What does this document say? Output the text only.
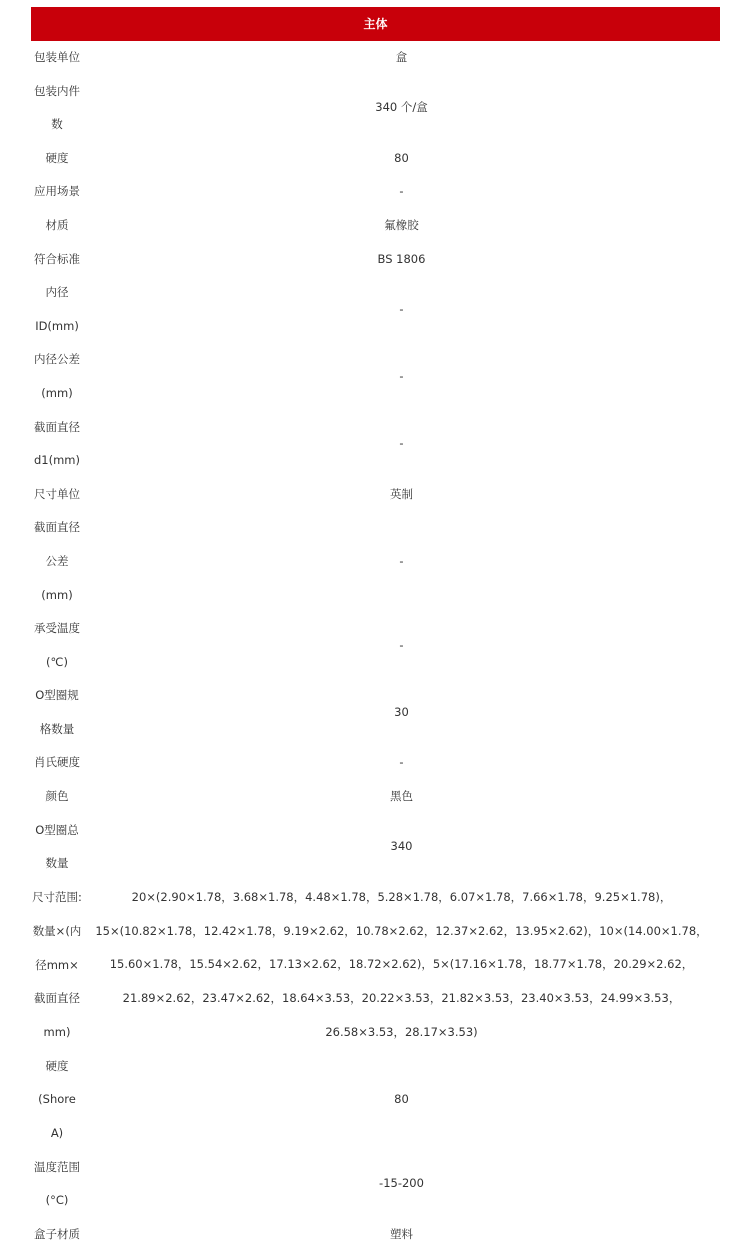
主体
包装单位	盒
包装内件数	340 个/盒
硬度	80
应用场景	-
材质	氟橡胶
符合标准	BS 1806
内径ID(mm)	-
内径公差(mm)	-
截面直径d1(mm)	-
尺寸单位	英制
截面直径公差(mm)	-
承受温度(℃)	-
O型圈规格数量	30
肖氏硬度	-
颜色	黑色
O型圈总数量	340
尺寸范围:数量×(内径mm×截面直径mm)	20×(2.90×1.78，3.68×1.78，4.48×1.78，5.28×1.78，6.07×1.78，7.66×1.78，9.25×1.78)，15×(10.82×1.78，12.42×1.78，9.19×2.62，10.78×2.62，12.37×2.62，13.95×2.62)，10×(14.00×1.78，15.60×1.78，15.54×2.62，17.13×2.62，18.72×2.62)，5×(17.16×1.78，18.77×1.78，20.29×2.62，21.89×2.62，23.47×2.62，18.64×3.53，20.22×3.53，21.82×3.53，23.40×3.53，24.99×3.53，26.58×3.53，28.17×3.53)
硬度(Shore A)	80
温度范围(°C)	-15-200
盒子材质	塑料
